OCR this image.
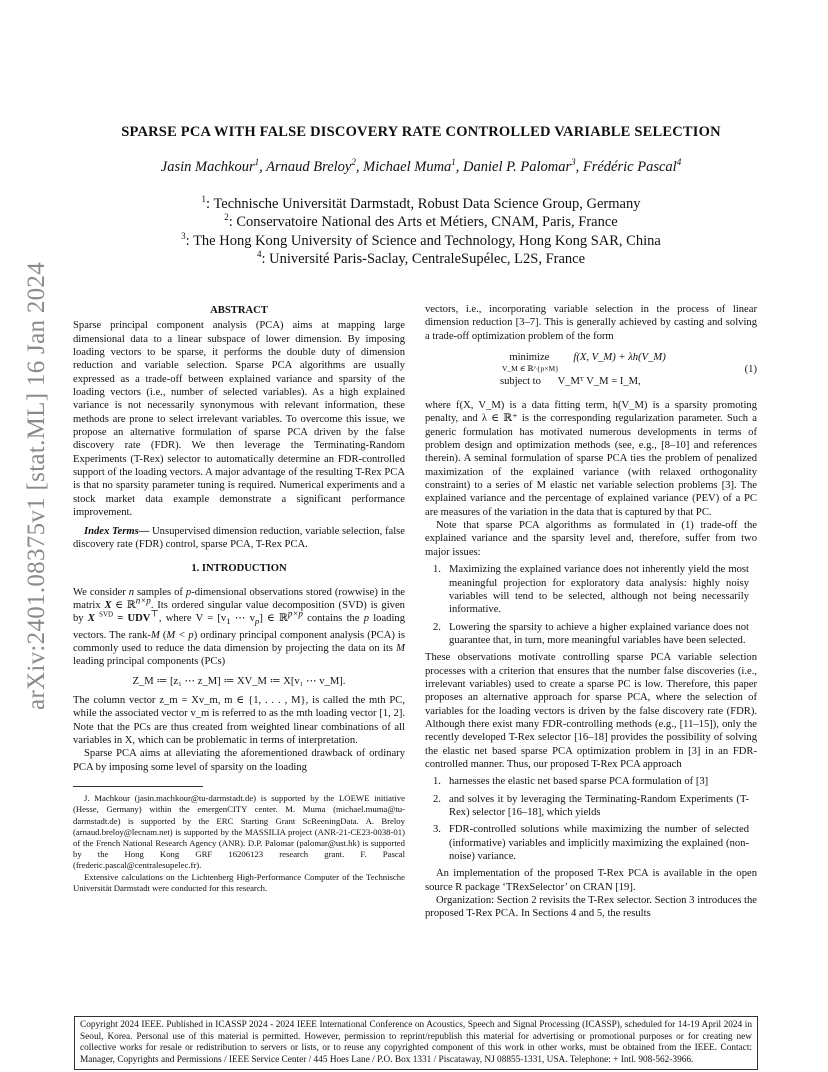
arXiv:2401.08375v1 [stat.ML] 16 Jan 2024
SPARSE PCA WITH FALSE DISCOVERY RATE CONTROLLED VARIABLE SELECTION
Jasin Machkour$^1$, Arnaud Breloy$^2$, Michael Muma$^1$, Daniel P. Palomar$^3$, Frédéric Pascal$^4$
$^1$: Technische Universität Darmstadt, Robust Data Science Group, Germany
$^2$: Conservatoire National des Arts et Métiers, CNAM, Paris, France
$^3$: The Hong Kong University of Science and Technology, Hong Kong SAR, China
$^4$: Université Paris-Saclay, CentraleSupélec, L2S, France
ABSTRACT

Sparse principal component analysis (PCA) aims at mapping large dimensional data to a linear subspace of lower dimension. By imposing loading vectors to be sparse, it performs the double duty of dimension reduction and variable selection. Sparse PCA algorithms are usually expressed as a trade-off between explained variance and sparsity of the loading vectors (i.e., number of selected variables). As a high explained variance is not necessarily synonymous with relevant information, these methods are prone to select irrelevant variables. To overcome this issue, we propose an alternative formulation of sparse PCA driven by the false discovery rate (FDR). We then leverage the Terminating-Random Experiments (T-Rex) selector to automatically determine an FDR-controlled support of the loading vectors. A major advantage of the resulting T-Rex PCA is that no sparsity parameter tuning is required. Numerical experiments and a stock market data example demonstrate a significant performance improvement.

Index Terms— Unsupervised dimension reduction, variable selection, false discovery rate (FDR) control, sparse PCA, T-Rex PCA.

1. INTRODUCTION

We consider n samples of p-dimensional observations stored (rowwise) in the matrix X ∈ ℝ$^{n\times p}$. Its ordered singular value decomposition (SVD) is given by X $^{SVD}$ = UDV⊤, where $V = [v_1$ ⋯ $v_p$] ∈ ℝ$^{p\times p}$ contains the p loading vectors. The rank-M (M < p) ordinary principal component analysis (PCA) is commonly used to reduce the data dimension by projecting the data on its M leading principal components (PCs)

Z_M ≔ [z₁ ⋯ z_M] ≔ XV_M ≔ X[v₁ ⋯ v_M].

The column vector z_m = Xv_m, m ∈ {1, . . . , M}, is called the mth PC, while the associated vector v_m is referred to as the mth loading vector [1, 2]. Note that the PCs are thus created from weighted linear combinations of all variables in X, which can be problematic in terms of interpretation.

Sparse PCA aims at alleviating the aforementioned drawback of ordinary PCA by imposing some level of sparsity on the loading

J. Machkour (jasin.machkour@tu-darmstadt.de) is supported by the LOEWE initiative (Hesse, Germany) within the emergenCITY center. M. Muma (michael.muma@tu-darmstadt.de) is supported by the ERC Starting Grant ScReeningData. A. Breloy (arnaud.breloy@lecnam.net) is supported by the MASSILIA project (ANR-21-CE23-0038-01) of the French National Research Agency (ANR). D.P. Palomar (palomar@ust.hk) is supported by the Hong Kong GRF 16206123 research grant. F. Pascal (frederic.pascal@centralesupelec.fr).

Extensive calculations on the Lichtenberg High-Performance Computer of the Technische Universität Darmstadt were conducted for this research.

vectors, i.e., incorporating variable selection in the process of linear dimension reduction [3–7]. This is generally achieved by casting and solving a trade-off optimization problem of the form

minimize
V_M ∈ ℝ^{p×M}
f(X, V_M) + λh(V_M)
subject to V_Mᵀ V_M = I_M,
(1)

where f(X, V_M) is a data fitting term, h(V_M) is a sparsity promoting penalty, and λ ∈ ℝ⁺ is the corresponding regularization parameter. Such a generic formulation has motivated numerous developments in terms of problem design and optimization methods (see, e.g., [8–10] and references therein). A seminal formulation of sparse PCA ties the problem of penalized maximization of the explained variance (with relaxed orthogonality constraint) to a series of M elastic net variable selection problems [3]. The explained variance and the percentage of explained variance (PEV) of a PC are measures of the variation in the data that is captured by that PC.

Note that sparse PCA algorithms as formulated in (1) trade-off the explained variance and the sparsity level and, therefore, suffer from two major issues:

1. Maximizing the explained variance does not inherently yield the most meaningful projection for exploratory data analysis: highly noisy variables will tend to be selected, although not being necessarily informative.
2. Lowering the sparsity to achieve a higher explained variance does not guarantee that, in turn, more meaningful variables have been selected.

These observations motivate controlling sparse PCA variable selection processes with a criterion that ensures that the number false discoveries (i.e., irrelevant variables) used to create a sparse PC is low. Therefore, this paper proposes an alternative approach for sparse PCA, where the selection of variables for the loading vectors is driven by the false discovery rate (FDR). Although there exist many FDR-controlling methods (e.g., [11–15]), only the recently developed T-Rex selector [16–18] provides the possibility of solving the elastic net based sparse PCA optimization problem in [3] in an FDR-controlled manner. Thus, our proposed T-Rex PCA approach

1. harnesses the elastic net based sparse PCA formulation of [3]
2. and solves it by leveraging the Terminating-Random Experiments (T-Rex) selector [16–18], which yields
3. FDR-controlled solutions while maximizing the number of selected (informative) variables and implicitly maximizing the explained (non-noise) variance.

An implementation of the proposed T-Rex PCA is available in the open source R package ‘TRexSelector’ on CRAN [19].

Organization: Section 2 revisits the T-Rex selector. Section 3 introduces the proposed T-Rex PCA. In Sections 4 and 5, the results

Copyright 2024 IEEE. Published in ICASSP 2024 - 2024 IEEE International Conference on Acoustics, Speech and Signal Processing (ICASSP), scheduled for 14-19 April 2024 in Seoul, Korea. Personal use of this material is permitted. However, permission to reprint/republish this material for advertising or promotional purposes or for creating new collective works for resale or redistribution to servers or lists, or to reuse any copyrighted component of this work in other works, must be obtained from the IEEE. Contact: Manager, Copyrights and Permissions / IEEE Service Center / 445 Hoes Lane / P.O. Box 1331 / Piscataway, NJ 08855-1331, USA. Telephone: + Intl. 908-562-3966.
